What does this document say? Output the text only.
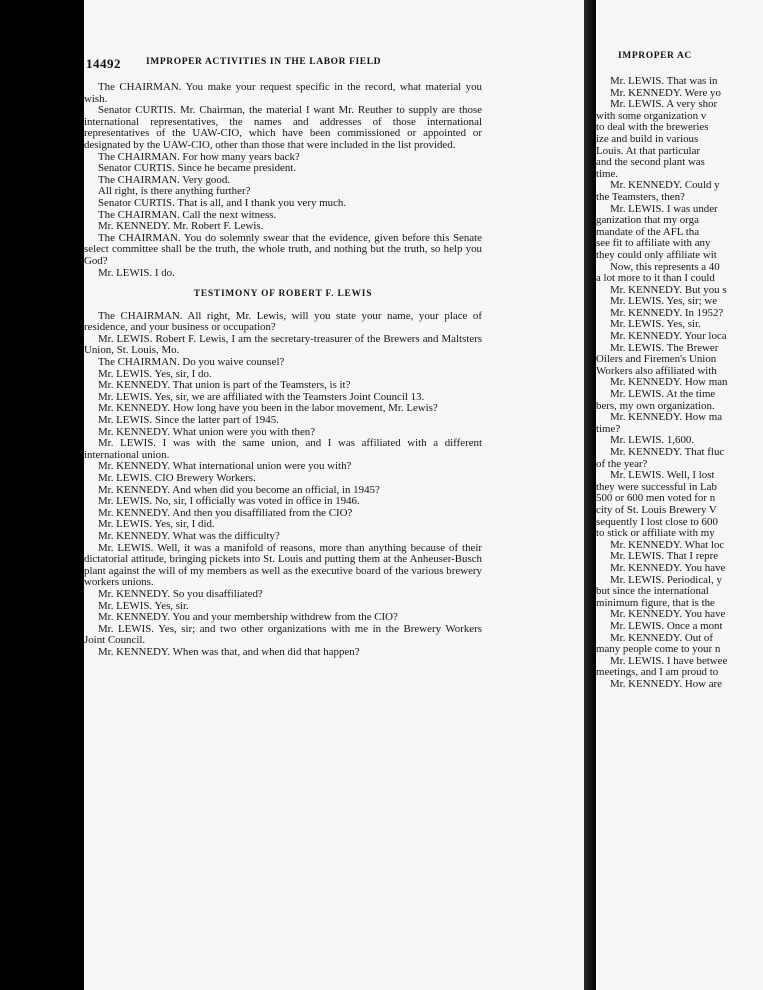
IMPROPER AC

Mr. LEWIS. That was in

Mr. KENNEDY. Were yo

Mr. LEWIS. A very shor

with some organization v

to deal with the breweries

ize and build in various

Louis. At that particular

and the second plant was

time.

Mr. KENNEDY. Could y

the Teamsters, then?

Mr. LEWIS. I was under

ganization that my orga

mandate of the AFL tha

see fit to affiliate with any

they could only affiliate wit

Now, this represents a 40

a lot more to it than I could

Mr. KENNEDY. But you s

Mr. LEWIS. Yes, sir; we

Mr. KENNEDY. In 1952?

Mr. LEWIS. Yes, sir.

Mr. KENNEDY. Your loca

Mr. LEWIS. The Brewer

Oilers and Firemen's Union

Workers also affiliated with

Mr. KENNEDY. How man

Mr. LEWIS. At the time

bers, my own organization.

Mr. KENNEDY. How ma

time?

Mr. LEWIS. 1,600.

Mr. KENNEDY. That fluc

of the year?

Mr. LEWIS. Well, I lost

they were successful in Lab

500 or 600 men voted for n

city of St. Louis Brewery V

sequently I lost close to 600

to stick or affiliate with my

Mr. KENNEDY. What loc

Mr. LEWIS. That I repre

Mr. KENNEDY. You have

Mr. LEWIS. Periodical, y

but since the international

minimum figure, that is the

Mr. KENNEDY. You have

Mr. LEWIS. Once a mont

Mr. KENNEDY. Out of

many people come to your n

Mr. LEWIS. I have betwee

meetings, and I am proud to

Mr. KENNEDY. How are

14492	IMPROPER ACTIVITIES IN THE LABOR FIELD

The CHAIRMAN. You make your request specific in the record, what material you wish.

Senator CURTIS. Mr. Chairman, the material I want Mr. Reuther to supply are those international representatives, the names and addresses of those international representatives of the UAW-CIO, which have been commissioned or appointed or designated by the UAW-CIO, other than those that were included in the list provided.

The CHAIRMAN. For how many years back?

Senator CURTIS. Since he became president.

The CHAIRMAN. Very good.

All right, is there anything further?

Senator CURTIS. That is all, and I thank you very much.

The CHAIRMAN. Call the next witness.

Mr. KENNEDY. Mr. Robert F. Lewis.

The CHAIRMAN. You do solemnly swear that the evidence, given before this Senate select committee shall be the truth, the whole truth, and nothing but the truth, so help you God?

Mr. LEWIS. I do.

TESTIMONY OF ROBERT F. LEWIS

The CHAIRMAN. All right, Mr. Lewis, will you state your name, your place of residence, and your business or occupation?

Mr. LEWIS. Robert F. Lewis, I am the secretary-treasurer of the Brewers and Maltsters Union, St. Louis, Mo.

The CHAIRMAN. Do you waive counsel?

Mr. LEWIS. Yes, sir, I do.

Mr. KENNEDY. That union is part of the Teamsters, is it?

Mr. LEWIS. Yes, sir, we are affiliated with the Teamsters Joint Council 13.

Mr. KENNEDY. How long have you been in the labor movement, Mr. Lewis?

Mr. LEWIS. Since the latter part of 1945.

Mr. KENNEDY. What union were you with then?

Mr. LEWIS. I was with the same union, and I was affiliated with a different international union.

Mr. KENNEDY. What international union were you with?

Mr. LEWIS. CIO Brewery Workers.

Mr. KENNEDY. And when did you become an official, in 1945?

Mr. LEWIS. No, sir, I officially was voted in office in 1946.

Mr. KENNEDY. And then you disaffiliated from the CIO?

Mr. LEWIS. Yes, sir, I did.

Mr. KENNEDY. What was the difficulty?

Mr. LEWIS. Well, it was a manifold of reasons, more than anything because of their dictatorial attitude, bringing pickets into St. Louis and putting them at the Anheuser-Busch plant against the will of my members as well as the executive board of the various brewery workers unions.

Mr. KENNEDY. So you disaffiliated?

Mr. LEWIS. Yes, sir.

Mr. KENNEDY. You and your membership withdrew from the CIO?

Mr. LEWIS. Yes, sir; and two other organizations with me in the Brewery Workers Joint Council.

Mr. KENNEDY. When was that, and when did that happen?
